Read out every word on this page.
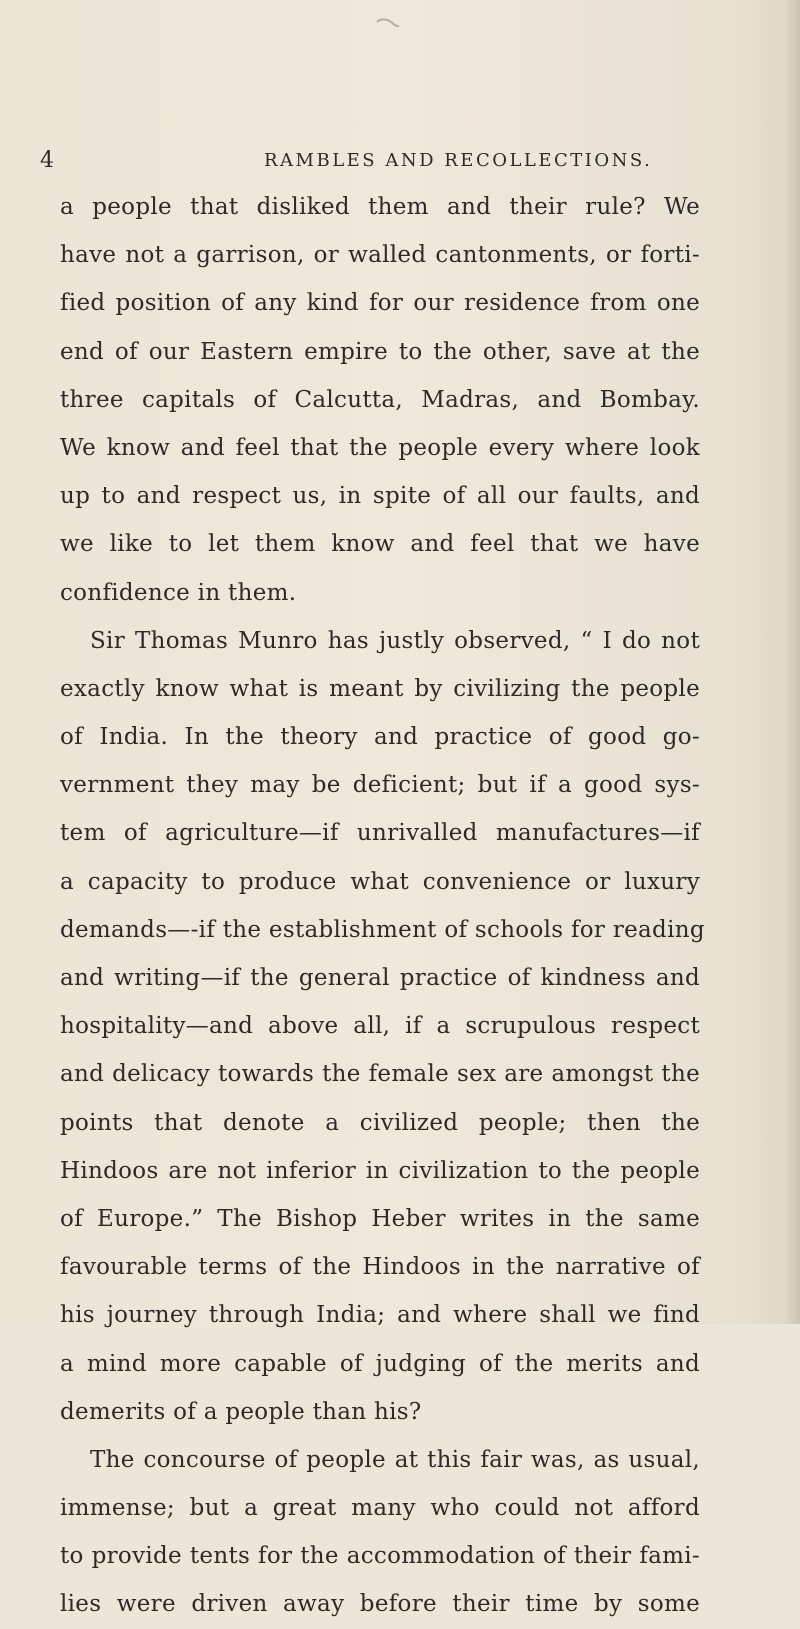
4	RAMBLES AND RECOLLECTIONS.
a people that disliked them and their rule? We
have not a garrison, or walled cantonments, or forti-
fied position of any kind for our residence from one
end of our Eastern empire to the other, save at the
three capitals of Calcutta, Madras, and Bombay.
We know and feel that the people every where look
up to and respect us, in spite of all our faults, and
we like to let them know and feel that we have
confidence in them.
Sir Thomas Munro has justly observed, “ I do not
exactly know what is meant by civilizing the people
of India. In the theory and practice of good go-
vernment they may be deficient; but if a good sys-
tem of agriculture—if unrivalled manufactures—if
a capacity to produce what convenience or luxury
demands—-if the establishment of schools for reading
and writing—if the general practice of kindness and
hospitality—and above all, if a scrupulous respect
and delicacy towards the female sex are amongst the
points that denote a civilized people; then the
Hindoos are not inferior in civilization to the people
of Europe.” The Bishop Heber writes in the same
favourable terms of the Hindoos in the narrative of
his journey through India; and where shall we find
a mind more capable of judging of the merits and
demerits of a people than his?
The concourse of people at this fair was, as usual,
immense; but a great many who could not afford
to provide tents for the accommodation of their fami-
lies were driven away before their time by some
